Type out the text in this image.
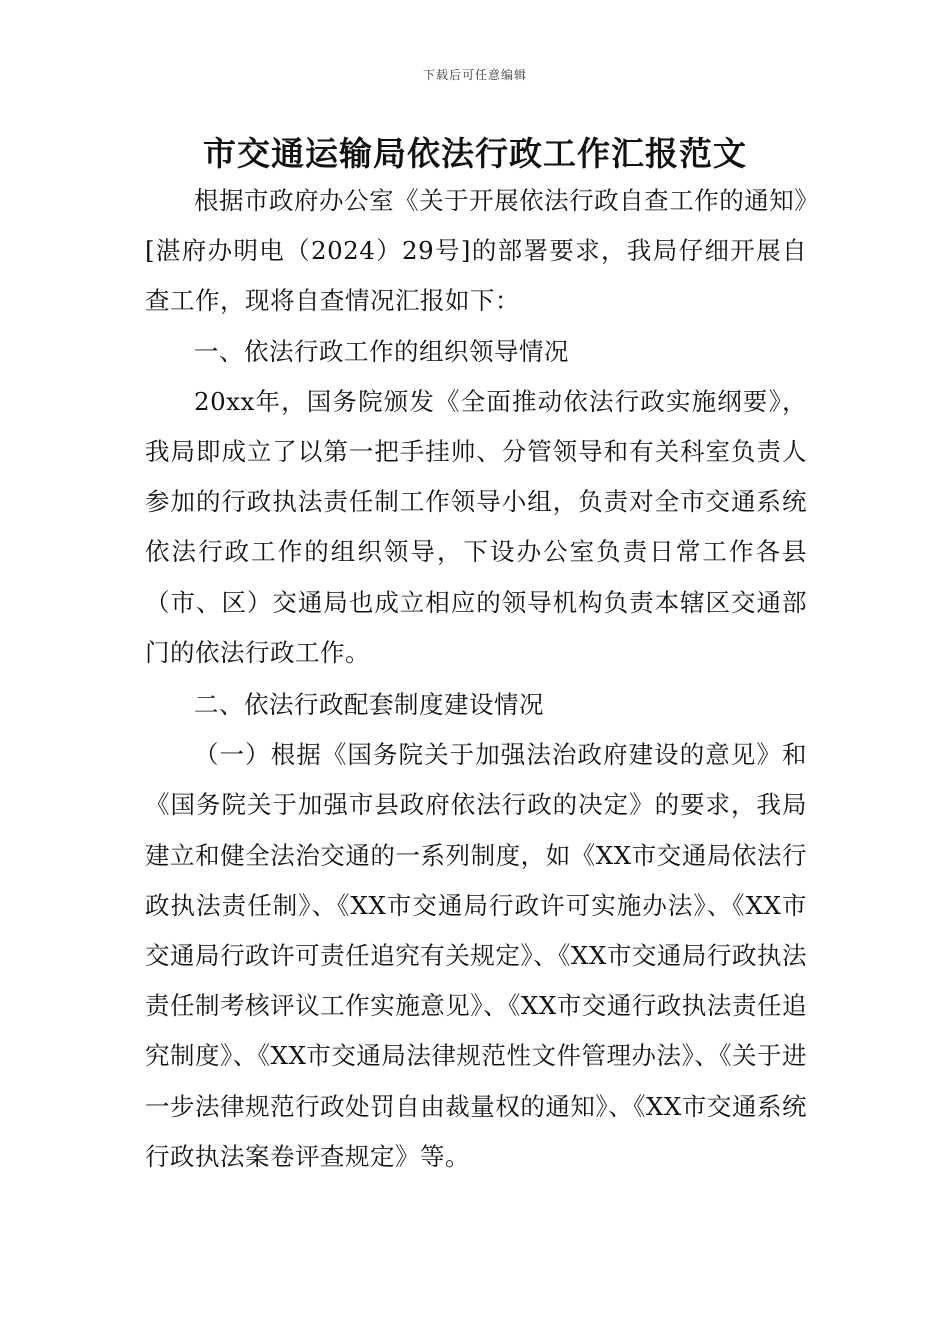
下载后可任意编辑
市交通运输局依法行政工作汇报范文

根据市政府办公室《关于开展依法行政自查工作的通知》[湛府办明电（2024）29号]的部署要求，我局仔细开展自查工作，现将自查情况汇报如下：

一、依法行政工作的组织领导情况

20xx年，国务院颁发《全面推动依法行政实施纲要》，我局即成立了以第一把手挂帅、分管领导和有关科室负责人参加的行政执法责任制工作领导小组，负责对全市交通系统依法行政工作的组织领导，下设办公室负责日常工作各县（市、区）交通局也成立相应的领导机构负责本辖区交通部门的依法行政工作。

二、依法行政配套制度建设情况

（一）根据《国务院关于加强法治政府建设的意见》和《国务院关于加强市县政府依法行政的决定》的要求，我局建立和健全法治交通的一系列制度，如《XX市交通局依法行政执法责任制》、《XX市交通局行政许可实施办法》、《XX市交通局行政许可责任追究有关规定》、《XX市交通局行政执法责任制考核评议工作实施意见》、《XX市交通行政执法责任追究制度》、《XX市交通局法律规范性文件管理办法》、《关于进一步法律规范行政处罚自由裁量权的通知》、《XX市交通系统行政执法案卷评查规定》等。
